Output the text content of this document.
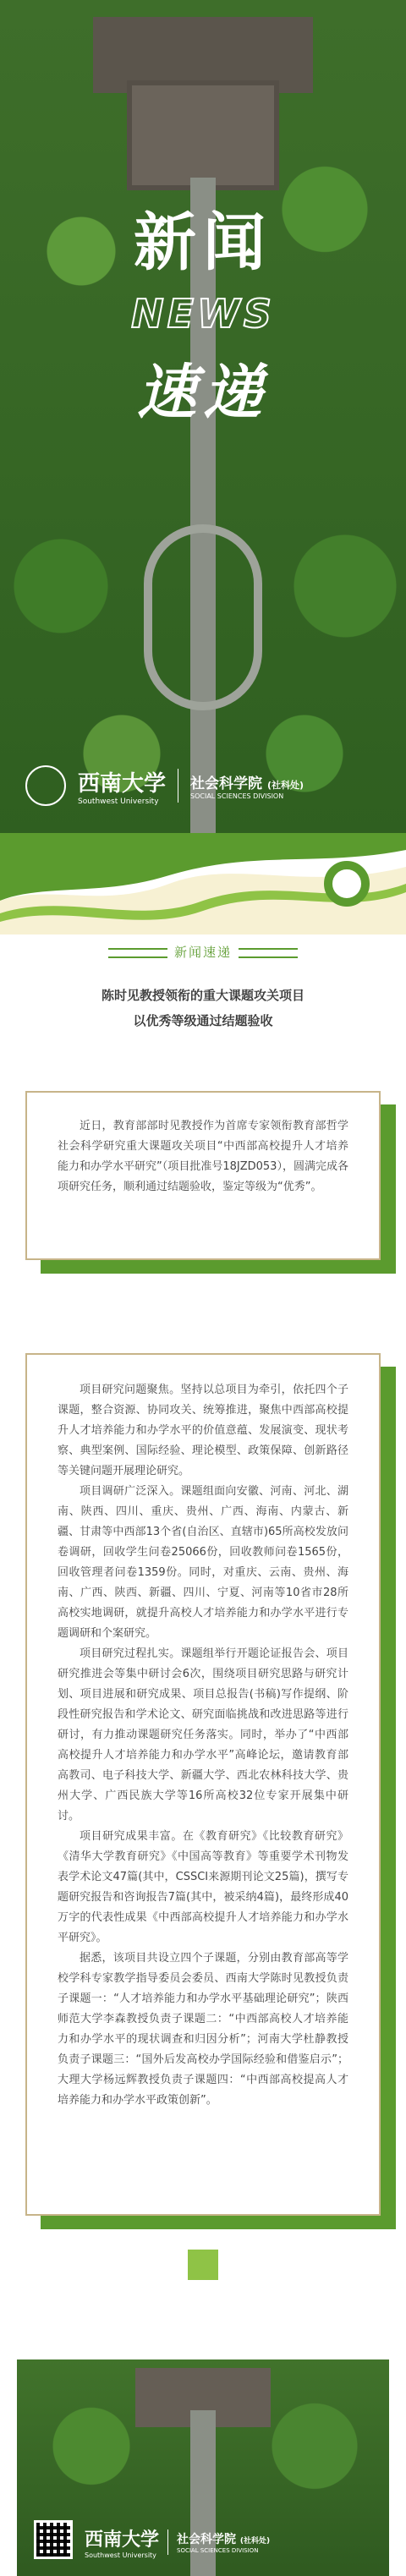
新闻
NEWS
速递
西南大学
Southwest University
社会科学院 (社科处)
SOCIAL SCIENCES DIVISION
新闻速递
陈时见教授领衔的重大课题攻关项目
以优秀等级通过结题验收

近日，教育部部时见教授作为首席专家领衔教育部哲学社会科学研究重大课题攻关项目“中西部高校提升人才培养能力和办学水平研究”（项目批准号18JZD053），圆满完成各项研究任务，顺利通过结题验收，鉴定等级为“优秀”。

项目研究问题聚焦。坚持以总项目为牵引，依托四个子课题，整合资源、协同攻关、统筹推进，聚焦中西部高校提升人才培养能力和办学水平的价值意蕴、发展演变、现状考察、典型案例、国际经验、理论模型、政策保障、创新路径等关键问题开展理论研究。

项目调研广泛深入。课题组面向安徽、河南、河北、湖南、陕西、四川、重庆、贵州、广西、海南、内蒙古、新疆、甘肃等中西部13个省(自治区、直辖市)65所高校发放问卷调研，回收学生问卷25066份，回收教师问卷1565份，回收管理者问卷1359份。同时，对重庆、云南、贵州、海南、广西、陕西、新疆、四川、宁夏、河南等10省市28所高校实地调研，就提升高校人才培养能力和办学水平进行专题调研和个案研究。

项目研究过程扎实。课题组举行开题论证报告会、项目研究推进会等集中研讨会6次，围绕项目研究思路与研究计划、项目进展和研究成果、项目总报告(书稿)写作提纲、阶段性研究报告和学术论文、研究面临挑战和改进思路等进行研讨，有力推动课题研究任务落实。同时，举办了“中西部高校提升人才培养能力和办学水平”高峰论坛，邀请教育部高教司、电子科技大学、新疆大学、西北农林科技大学、贵州大学、广西民族大学等16所高校32位专家开展集中研讨。

项目研究成果丰富。在《教育研究》《比较教育研究》《清华大学教育研究》《中国高等教育》等重要学术刊物发表学术论文47篇(其中，CSSCI来源期刊论文25篇)，撰写专题研究报告和咨询报告7篇(其中，被采纳4篇)，最终形成40万字的代表性成果《中西部高校提升人才培养能力和办学水平研究》。

据悉，该项目共设立四个子课题，分别由教育部高等学校学科专家教学指导委员会委员、西南大学陈时见教授负责子课题一：“人才培养能力和办学水平基础理论研究”；陕西师范大学李森教授负责子课题二：“中西部高校人才培养能力和办学水平的现状调查和归因分析”；河南大学杜静教授负责子课题三：“国外后发高校办学国际经验和借鉴启示”；大理大学杨远辉教授负责子课题四：“中西部高校提高人才培养能力和办学水平政策创新”。

西南大学
Southwest University
社会科学院 (社科处)
SOCIAL SCIENCES DIVISION
